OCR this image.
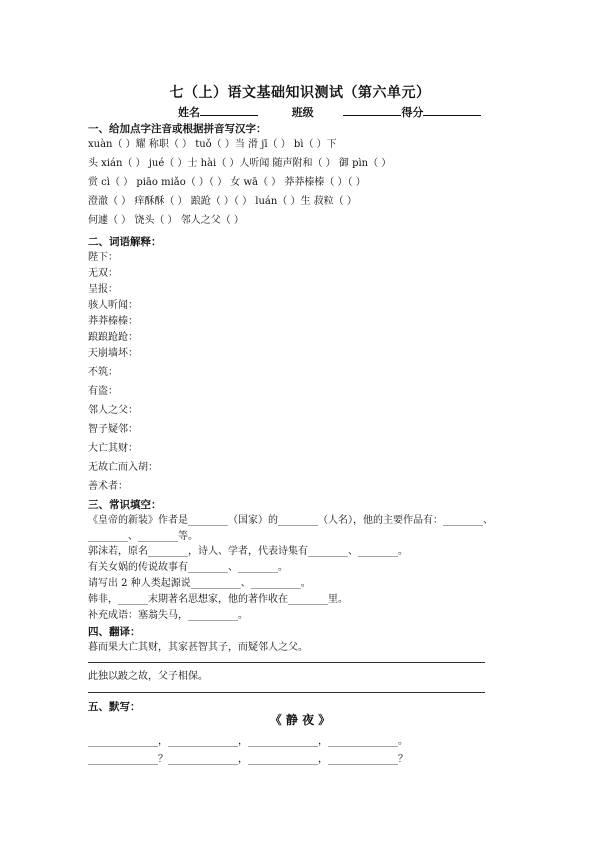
七（上）语文基础知识测试（第六单元）
姓名	班级	得分
一、给加点字注音或根据拼音写汉字：
xuàn（ ）耀 称职（ ） tuǒ（ ）当 滑 jī（ ） bì（ ）下
头 xián（ ） jué（ ）士 hài（ ）人听闻 随声附和（ ） 御 pìn（ ）
赏 cì（ ） piāo miǎo（ ）（ ） 女 wā（ ） 莽莽榛榛（ ）（ ）
澄澈（ ） 痒酥酥（ ） 踉跄（ ）（ ） luán（ ）生 菽粒（ ）
何遽（ ） 饶头（ ） 邻人之父（ ）
二、词语解释：
陛下：
无双：
呈报：
骇人听闻：
莽莽榛榛：
踉踉跄跄：
天崩墙坏：
不筑：
有盗：
邻人之父：
智子疑邻：
大亡其财：
无故亡而入胡：
善术者：
三、常识填空：
《皇帝的新装》作者是________（国家）的________（人名），他的主要作品有：________、
________、________等。
郭沫若，原名________，诗人、学者，代表诗集有________、________。
有关女娲的传说故事有________、________。
请写出 2 种人类起源说__________、__________。
韩非，______末期著名思想家，他的著作收在________里。
补充成语：塞翁失马，__________。
四、翻译：
暮而果大亡其财，其家甚智其子，而疑邻人之父。
此独以跛之故，父子相保。
五、默写：
《 静 夜 》
______________，______________，______________，______________。
______________？______________，______________，______________？
